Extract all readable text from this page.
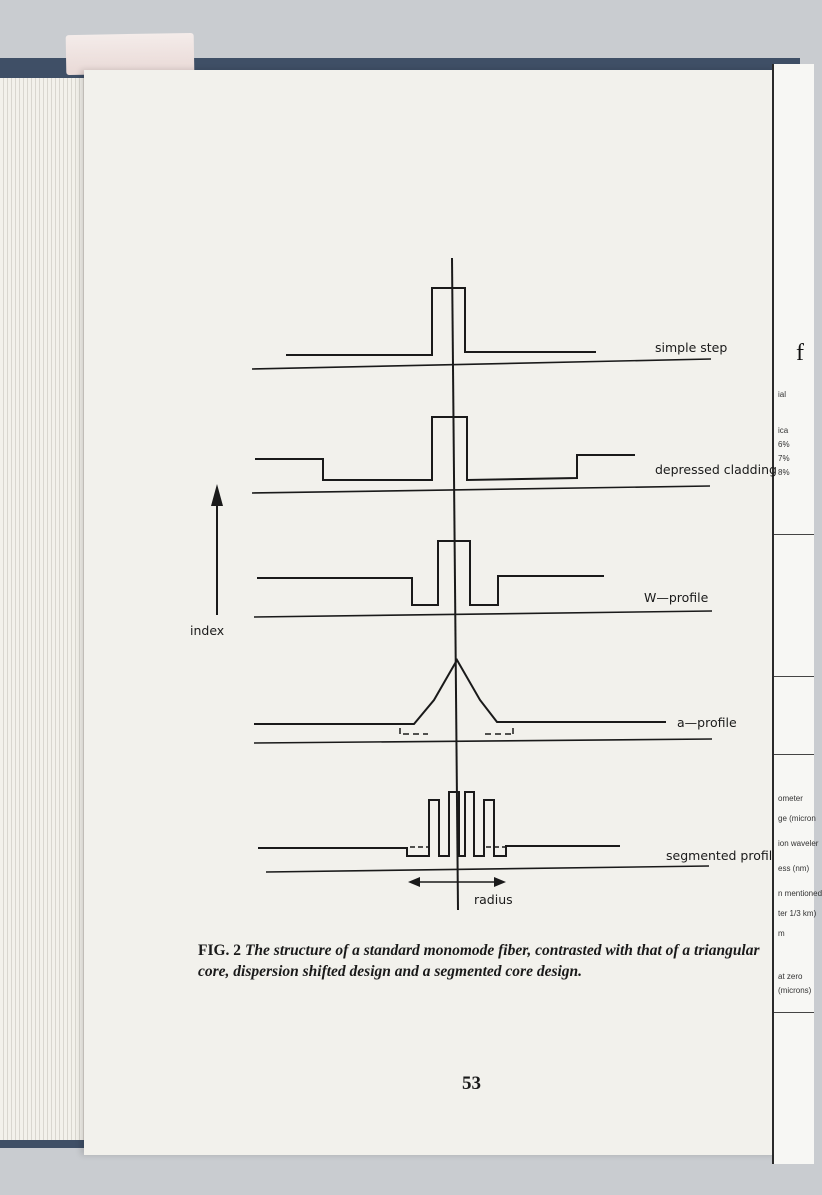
f
ial
ica
6%
7%
8%
ometer
ge (micron
ion waveler
ess (nm)
n mentioned
ter 1/3 km)
m
at zero
(microns)
simple step
depressed cladding
W—profile
a—profile
segmented profil
index
radius
FIG. 2 The structure of a standard monomode fiber, contrasted with that of a triangular core, dispersion shifted design and a segmented core design.
53
